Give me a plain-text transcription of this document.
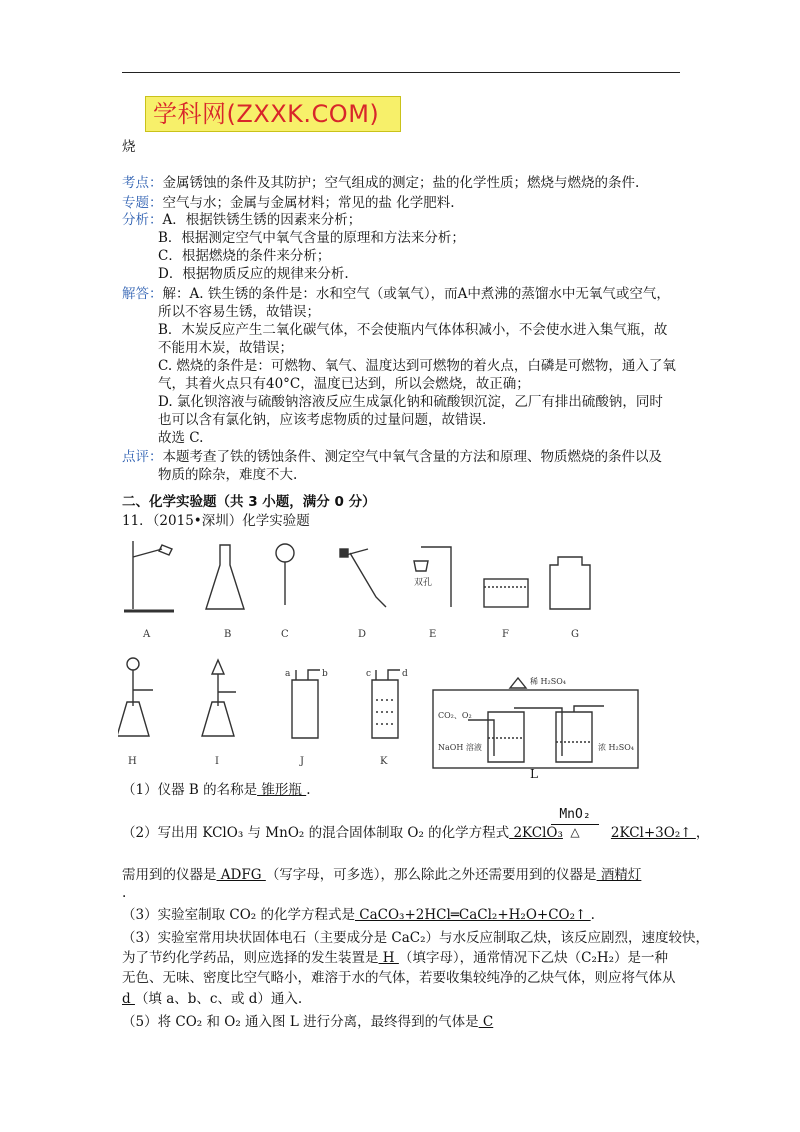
学科网(ZXXK.COM)
烧
考点：金属锈蚀的条件及其防护；空气组成的测定；盐的化学性质；燃烧与燃烧的条件.
专题：空气与水；金属与金属材料；常见的盐 化学肥料.
分析：A．根据铁锈生锈的因素来分析；
B．根据测定空气中氧气含量的原理和方法来分析；
C．根据燃烧的条件来分析；
D．根据物质反应的规律来分析.
解答：解：A. 铁生锈的条件是：水和空气（或氧气），而A中煮沸的蒸馏水中无氧气或空气，
所以不容易生锈，故错误；
B．木炭反应产生二氧化碳气体，不会使瓶内气体体积减小，不会使水进入集气瓶，故
不能用木炭，故错误；
C. 燃烧的条件是：可燃物、氧气、温度达到可燃物的着火点，白磷是可燃物，通入了氧
气，其着火点只有40°C，温度已达到，所以会燃烧，故正确；
D. 氯化钡溶液与硫酸钠溶液反应生成氯化钠和硫酸钡沉淀，乙厂有排出硫酸钠，同时
也可以含有氯化钠，应该考虑物质的过量问题，故错误.
故选 C.
点评：本题考查了铁的锈蚀条件、测定空气中氧气含量的方法和原理、物质燃烧的条件以及
物质的除杂，难度不大.
二、化学实验题（共 3 小题，满分 0 分）
11．（2015•深圳）化学实验题
双孔
A	B	C	D	E	F	G
a	b	c	d
稀 H₂SO₄
CO₂、O₂
NaOH 溶液	浓 H₂SO₄
H	I	J	K
L
（1）仪器 B 的名称是 锥形瓶 .
MnO₂
△
（2）写出用 KClO₃ 与 MnO₂ 的混合固体制取 O₂ 的化学方程式 2KClO₃	2KCl+3O₂↑ ，
需用到的仪器是 ADFG （写字母，可多选），那么除此之外还需要用到的仪器是 酒精灯
.
（3）实验室制取 CO₂ 的化学方程式是 CaCO₃+2HCl═CaCl₂+H₂O+CO₂↑ .
（3）实验室常用块状固体电石（主要成分是 CaC₂）与水反应制取乙炔，该反应剧烈，速度较快，
为了节约化学药品，则应选择的发生装置是 H （填字母），通常情况下乙炔（C₂H₂）是一种
无色、无味、密度比空气略小，难溶于水的气体，若要收集较纯净的乙炔气体，则应将气体从
d （填 a、b、c、或 d）通入.
（5）将 CO₂ 和 O₂ 通入图 L 进行分离，最终得到的气体是 C
